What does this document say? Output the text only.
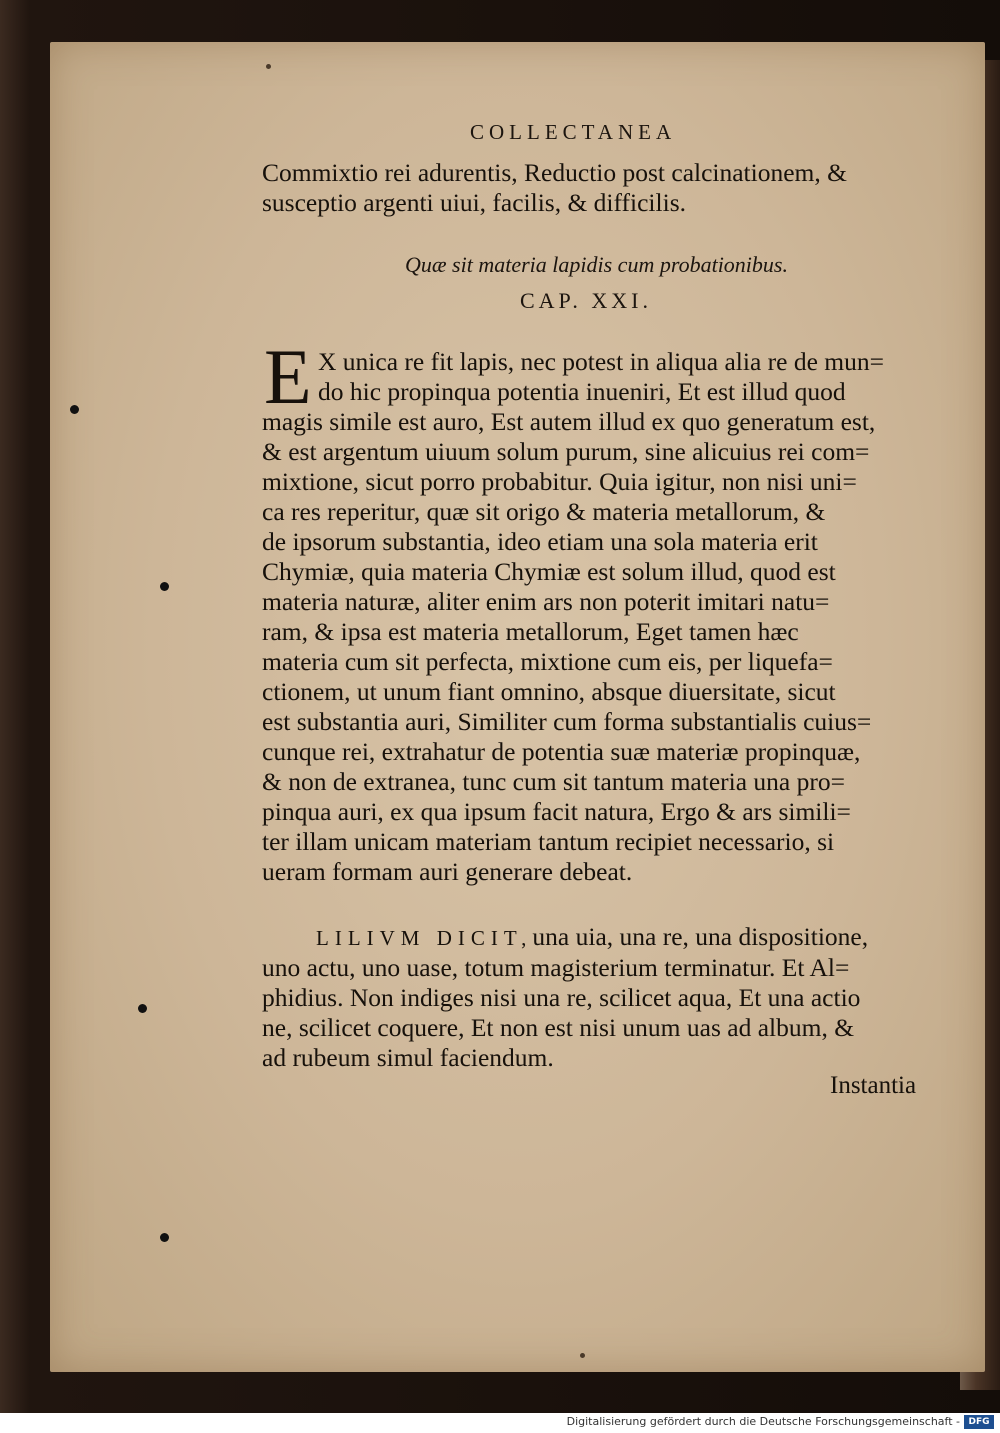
COLLECTANEA
Commixtio rei adurentis, Reductio post calcinationem, &
susceptio argenti uiui, facilis, & difficilis.
Quæ sit materia lapidis cum probationibus.
CAP. XXI.
E X unica re fit lapis, nec potest in aliqua alia re de mun=
do hic propinqua potentia inueniri, Et est illud quod
magis simile est auro, Est autem illud ex quo generatum est,
& est argentum uiuum solum purum, sine alicuius rei com=
mixtione, sicut porro probabitur. Quia igitur, non nisi uni=
ca res reperitur, quæ sit origo & materia metallorum, &
de ipsorum substantia, ideo etiam una sola materia erit
Chymiæ, quia materia Chymiæ est solum illud, quod est
materia naturæ, aliter enim ars non poterit imitari natu=
ram, & ipsa est materia metallorum, Eget tamen hæc
materia cum sit perfecta, mixtione cum eis, per liquefa=
ctionem, ut unum fiant omnino, absque diuersitate, sicut
est substantia auri, Similiter cum forma substantialis cuius=
cunque rei, extrahatur de potentia suæ materiæ propinquæ,
& non de extranea, tunc cum sit tantum materia una pro=
pinqua auri, ex qua ipsum facit natura, Ergo & ars simili=
ter illam unicam materiam tantum recipiet necessario, si
ueram formam auri generare debeat.
LILIVM DICIT,una uia, una re, una dispositione,
uno actu, uno uase, totum magisterium terminatur. Et Al=
phidius. Non indiges nisi una re, scilicet aqua, Et una actio
ne, scilicet coquere, Et non est nisi unum uas ad album, &
ad rubeum simul faciendum.
Instantia
Digitalisierung gefördert durch die Deutsche Forschungsgemeinschaft - DFG
